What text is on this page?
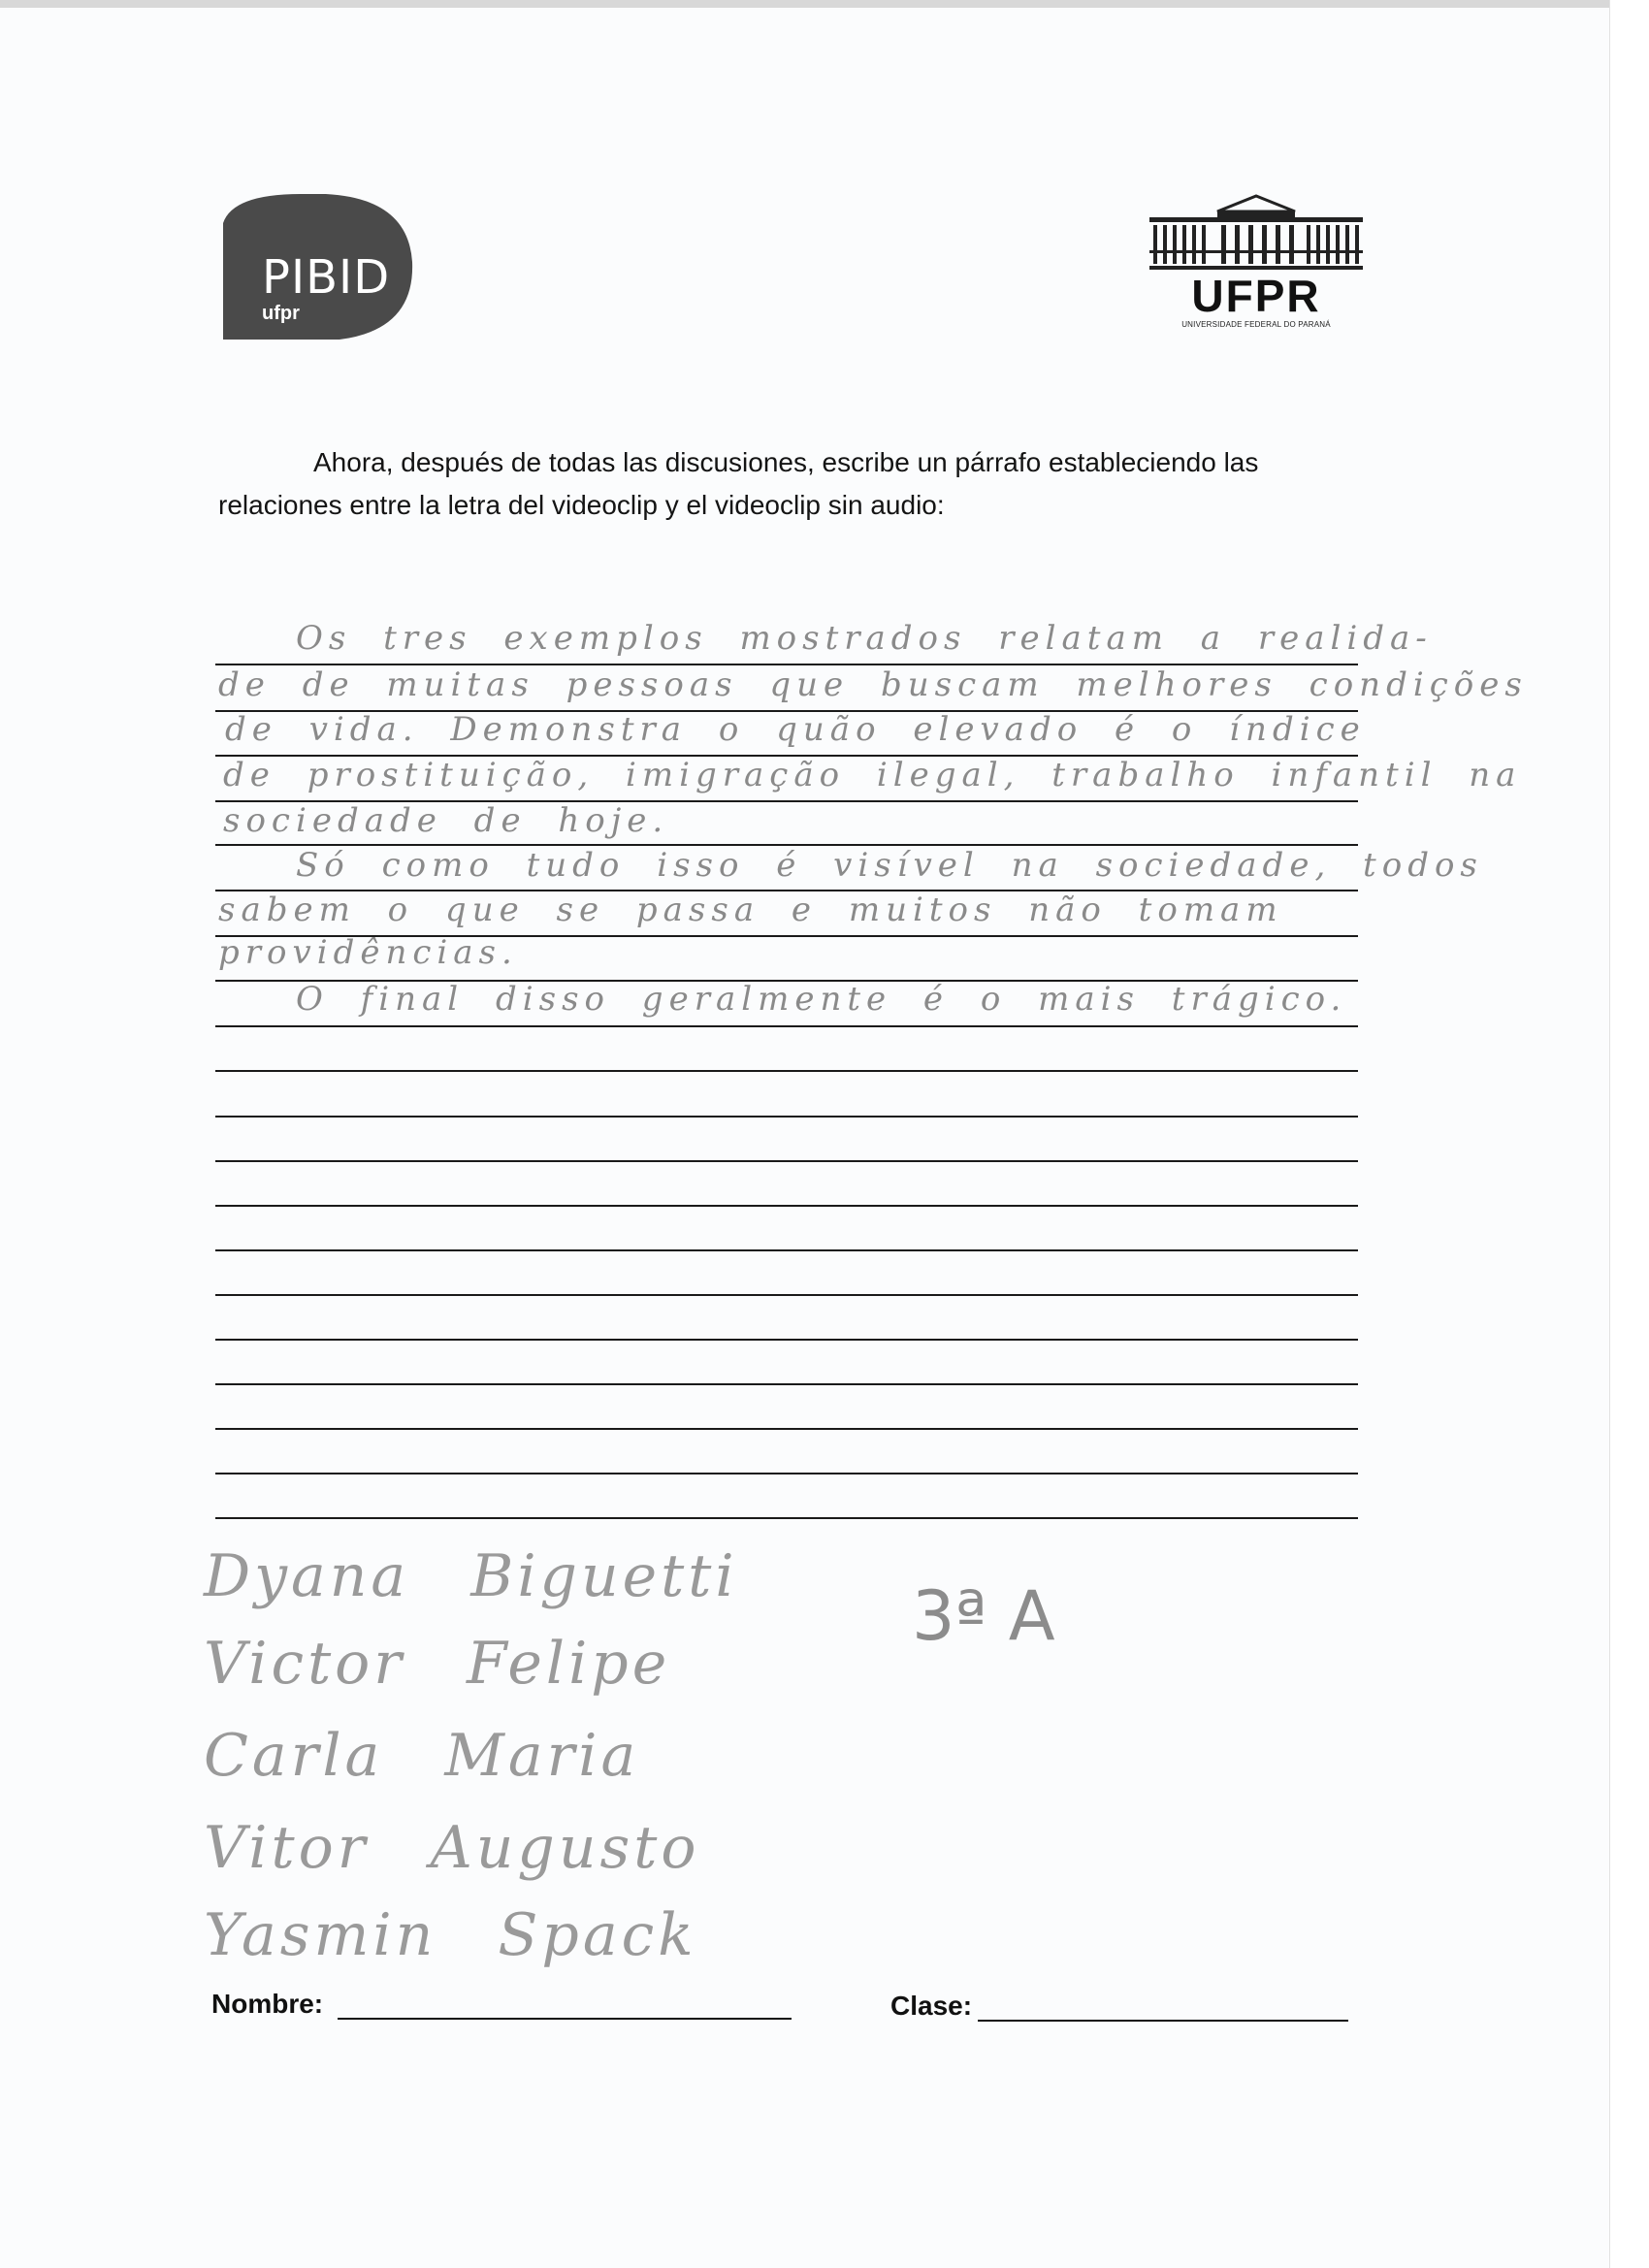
PIBID
ufpr	UFPR
UNIVERSIDADE FEDERAL DO PARANÁ
Ahora, después de todas las discusiones, escribe un párrafo estableciendo las
relaciones entre la letra del videoclip y el videoclip sin audio:
Os tres exemplos mostrados relatam a realida-
de de muitas pessoas que buscam melhores condições
de vida. Demonstra o quão elevado é o índice
de prostituição, imigração ilegal, trabalho infantil na
sociedade de hoje.
Só como tudo isso é visível na sociedade, todos
sabem o que se passa e muitos não tomam
providências.
O final disso geralmente é o mais trágico.
Dyana Biguetti
Victor Felipe
Carla Maria
Vitor Augusto
Yasmin Spack
3ª A
Nombre:	Clase:
